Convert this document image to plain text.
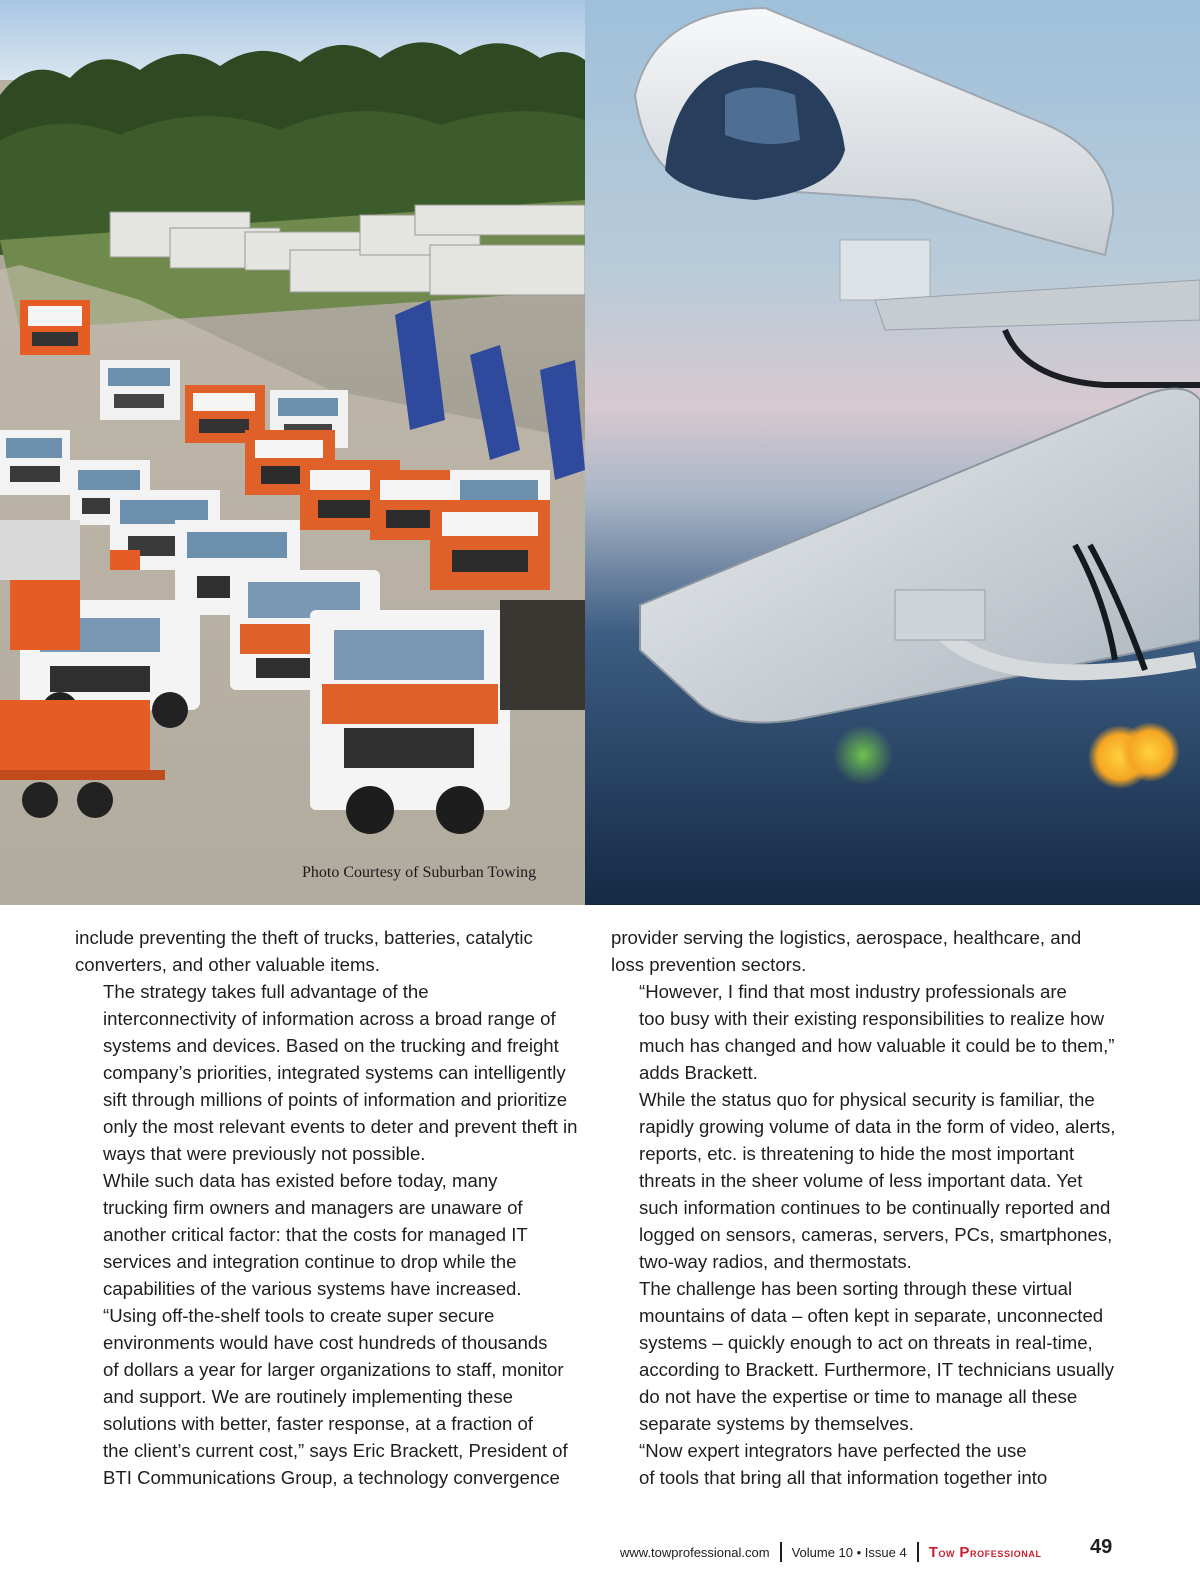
Photo Courtesy of Suburban Towing

include preventing the theft of trucks, batteries, catalytic
converters, and other valuable items.

The strategy takes full advantage of the
interconnectivity of information across a broad range of
systems and devices. Based on the trucking and freight
company’s priorities, integrated systems can intelligently
sift through millions of points of information and prioritize
only the most relevant events to deter and prevent theft in
ways that were previously not possible.

While such data has existed before today, many
trucking firm owners and managers are unaware of
another critical factor: that the costs for managed IT
services and integration continue to drop while the
capabilities of the various systems have increased.

“Using off-the-shelf tools to create super secure
environments would have cost hundreds of thousands
of dollars a year for larger organizations to staff, monitor
and support. We are routinely implementing these
solutions with better, faster response, at a fraction of
the client’s current cost,” says Eric Brackett, President of
BTI Communications Group, a technology convergence

provider serving the logistics, aerospace, healthcare, and
loss prevention sectors.

“However, I find that most industry professionals are
too busy with their existing responsibilities to realize how
much has changed and how valuable it could be to them,”
adds Brackett.

While the status quo for physical security is familiar, the
rapidly growing volume of data in the form of video, alerts,
reports, etc. is threatening to hide the most important
threats in the sheer volume of less important data. Yet
such information continues to be continually reported and
logged on sensors, cameras, servers, PCs, smartphones,
two-way radios, and thermostats.

The challenge has been sorting through these virtual
mountains of data – often kept in separate, unconnected
systems – quickly enough to act on threats in real-time,
according to Brackett. Furthermore, IT technicians usually
do not have the expertise or time to manage all these
separate systems by themselves.

“Now expert integrators have perfected the use
of tools that bring all that information together into

www.towprofessional.com Volume 10 • Issue 4 Tow Professional 49
